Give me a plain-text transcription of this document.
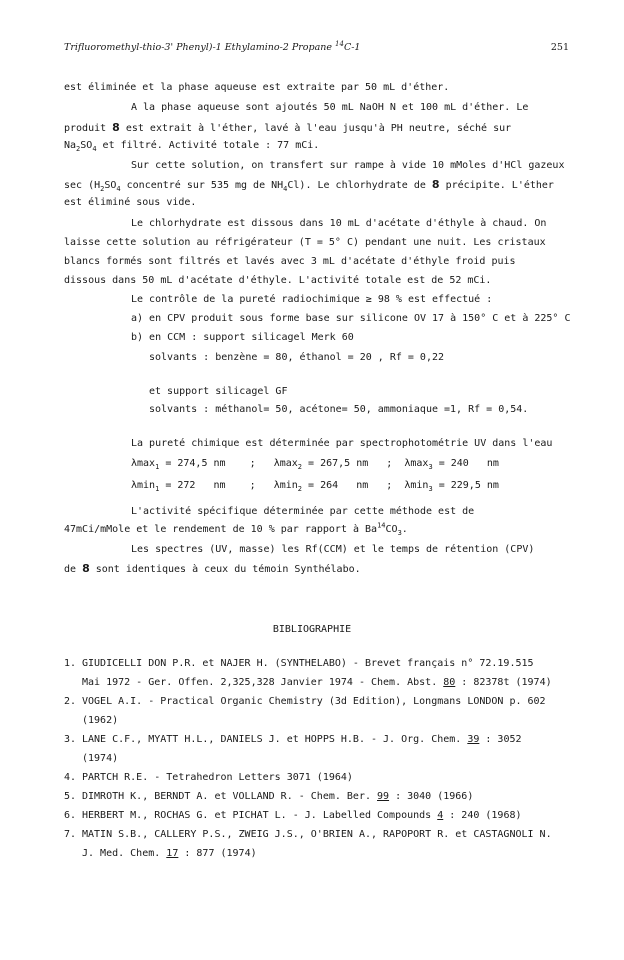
Trifluoromethyl-thio-3' Phenyl)-1 Ethylamino-2 Propane $^{14}$C-1	251
est éliminée et la phase aqueuse est extraite par 50 mL d'éther.
A la phase aqueuse sont ajoutés 50 mL NaOH N et 100 mL d'éther. Le
produit 8 est extrait à l'éther, lavé à l'eau jusqu'à PH neutre, séché sur
$Na_2SO_4$ et filtré. Activité totale : 77 mCi.
Sur cette solution, on transfert sur rampe à vide 10 mMoles d'HCl gazeux
$\sec (H_2SO_4$ concentré sur 535 mg de $NH_4Cl$). Le chlorhydrate de 8 précipite. L'éther
est éliminé sous vide.
Le chlorhydrate est dissous dans 10 mL d'acétate d'éthyle à chaud. On
laisse cette solution au réfrigérateur (T = 5° C) pendant une nuit. Les cristaux
blancs formés sont filtrés et lavés avec 3 mL d'acétate d'éthyle froid puis
dissous dans 50 mL d'acétate d'éthyle. L'activité totale est de 52 mCi.
Le contrôle de la pureté radiochimique ≥ 98 % est effectué :
a) en CPV produit sous forme base sur silicone OV 17 à 150° C et à 225° C
b) en CCM : support silicagel Merk 60
solvants : benzène = 80, éthanol = 20 , Rf = 0,22
et support silicagel GF
solvants : méthanol= 50, acétone= 50, ammoniaque =1, Rf = 0,54.
La pureté chimique est déterminée par spectrophotométrie UV dans l'eau
λmax$_1$ = 274,5 nm    ;   λmax$_2$ = 267,5 nm   ;  λmax$_3$ = 240   nm
λmin$_1$ = 272   nm    ;   λmin$_2$ = 264   nm   ;  λmin$_3$ = 229,5 nm
L'activité spécifique déterminée par cette méthode est de
47mCi/mMole et le rendement de 10 % par rapport à $Ba^{14}CO_3$.
Les spectres (UV, masse) les Rf(CCM) et le temps de rétention (CPV)
de 8 sont identiques à ceux du témoin Synthélabo.
BIBLIOGRAPHIE
1. GIUDICELLI DON P.R. et NAJER H. (SYNTHELABO) - Brevet français n° 72.19.515
Mai 1972 - Ger. Offen. 2,325,328 Janvier 1974 - Chem. Abst. 80 : 82378t (1974)
2. VOGEL A.I. - Practical Organic Chemistry (3d Edition), Longmans LONDON p. 602
(1962)
3. LANE C.F., MYATT H.L., DANIELS J. et HOPPS H.B. - J. Org. Chem. 39 : 3052
(1974)
4. PARTCH R.E. - Tetrahedron Letters 3071 (1964)
5. DIMROTH K., BERNDT A. et VOLLAND R. - Chem. Ber. 99 : 3040 (1966)
6. HERBERT M., ROCHAS G. et PICHAT L. - J. Labelled Compounds 4 : 240 (1968)
7. MATIN S.B., CALLERY P.S., ZWEIG J.S., O'BRIEN A., RAPOPORT R. et CASTAGNOLI N.
J. Med. Chem. 17 : 877 (1974)
